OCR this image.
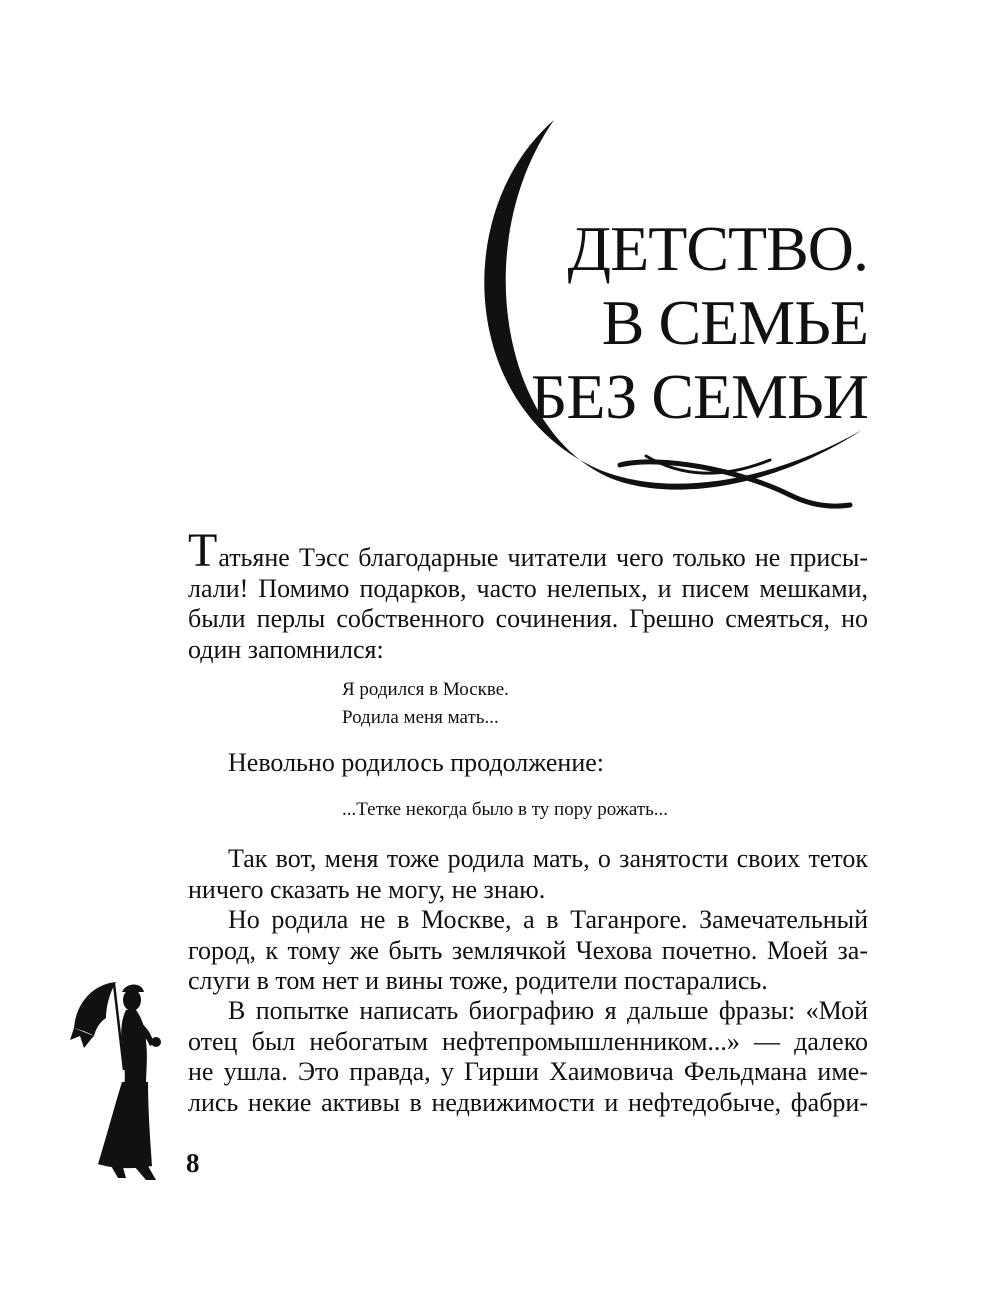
ДЕТСТВО.
В СЕМЬЕ
БЕЗ СЕМЬИ
Татьяне Тэсс благодарные читатели чего только не присы-
лали! Помимо подарков, часто нелепых, и писем мешками,
были перлы собственного сочинения. Грешно смеяться, но
один запомнился:
Я родился в Москве.
Родила меня мать...
Невольно родилось продолжение:
...Тетке некогда было в ту пору рожать...
Так вот, меня тоже родила мать, о занятости своих теток
ничего сказать не могу, не знаю.
Но родила не в Москве, а в Таганроге. Замечательный
город, к тому же быть землячкой Чехова почетно. Моей за-
слуги в том нет и вины тоже, родители постарались.
В попытке написать биографию я дальше фразы: «Мой
отец был небогатым нефтепромышленником...» — далеко
не ушла. Это правда, у Гирши Хаимовича Фельдмана име-
лись некие активы в недвижимости и нефтедобыче, фабри-
8
